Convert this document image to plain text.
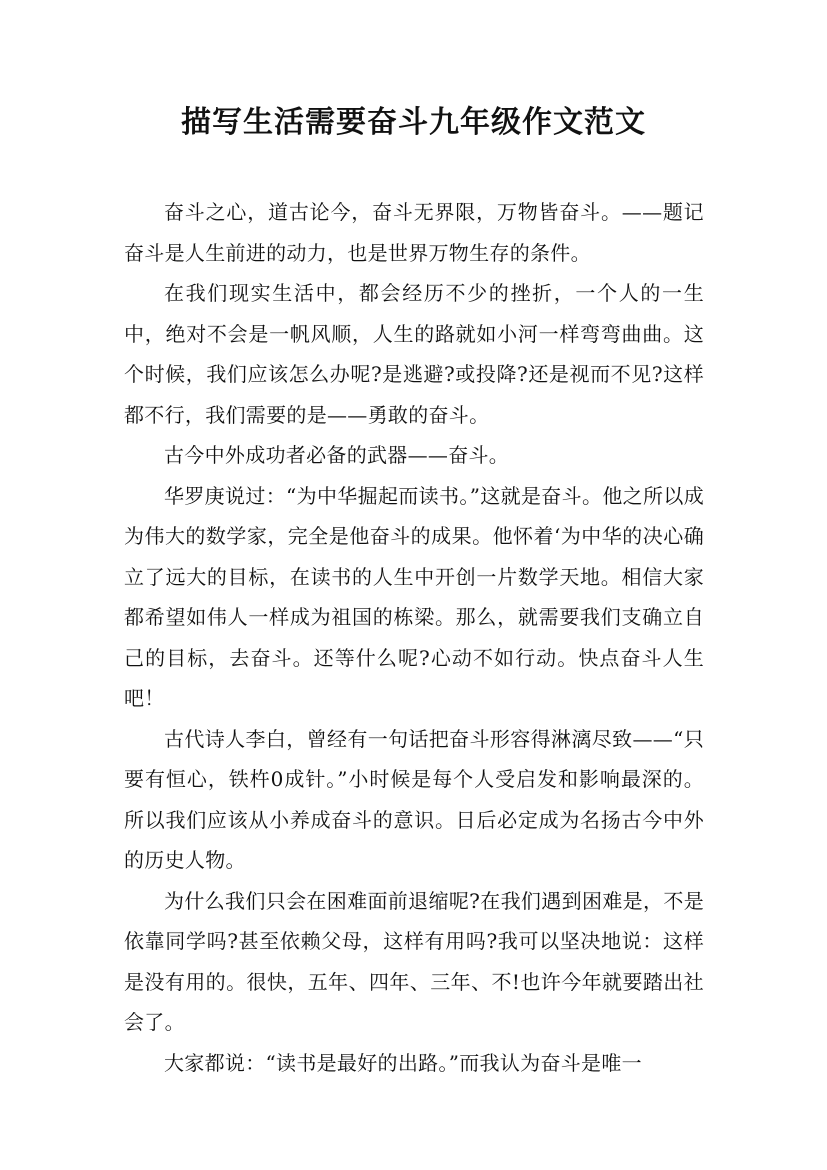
描写生活需要奋斗九年级作文范文

奋斗之心，道古论今，奋斗无界限，万物皆奋斗。——题记奋斗是人生前进的动力，也是世界万物生存的条件。

在我们现实生活中，都会经历不少的挫折，一个人的一生中，绝对不会是一帆风顺，人生的路就如小河一样弯弯曲曲。这个时候，我们应该怎么办呢?是逃避?或投降?还是视而不见?这样都不行，我们需要的是——勇敢的奋斗。

古今中外成功者必备的武器——奋斗。

华罗庚说过：“为中华掘起而读书。”这就是奋斗。他之所以成为伟大的数学家，完全是他奋斗的成果。他怀着‘为中华的决心确立了远大的目标，在读书的人生中开创一片数学天地。相信大家都希望如伟人一样成为祖国的栋梁。那么，就需要我们支确立自己的目标，去奋斗。还等什么呢?心动不如行动。快点奋斗人生吧！

古代诗人李白，曾经有一句话把奋斗形容得淋漓尽致——“只要有恒心，铁杵0成针。”小时候是每个人受启发和影响最深的。所以我们应该从小养成奋斗的意识。日后必定成为名扬古今中外的历史人物。

为什么我们只会在困难面前退缩呢?在我们遇到困难是，不是依靠同学吗?甚至依赖父母，这样有用吗?我可以坚决地说：这样是没有用的。很快，五年、四年、三年、不!也许今年就要踏出社会了。

大家都说：“读书是最好的出路。”而我认为奋斗是唯一
